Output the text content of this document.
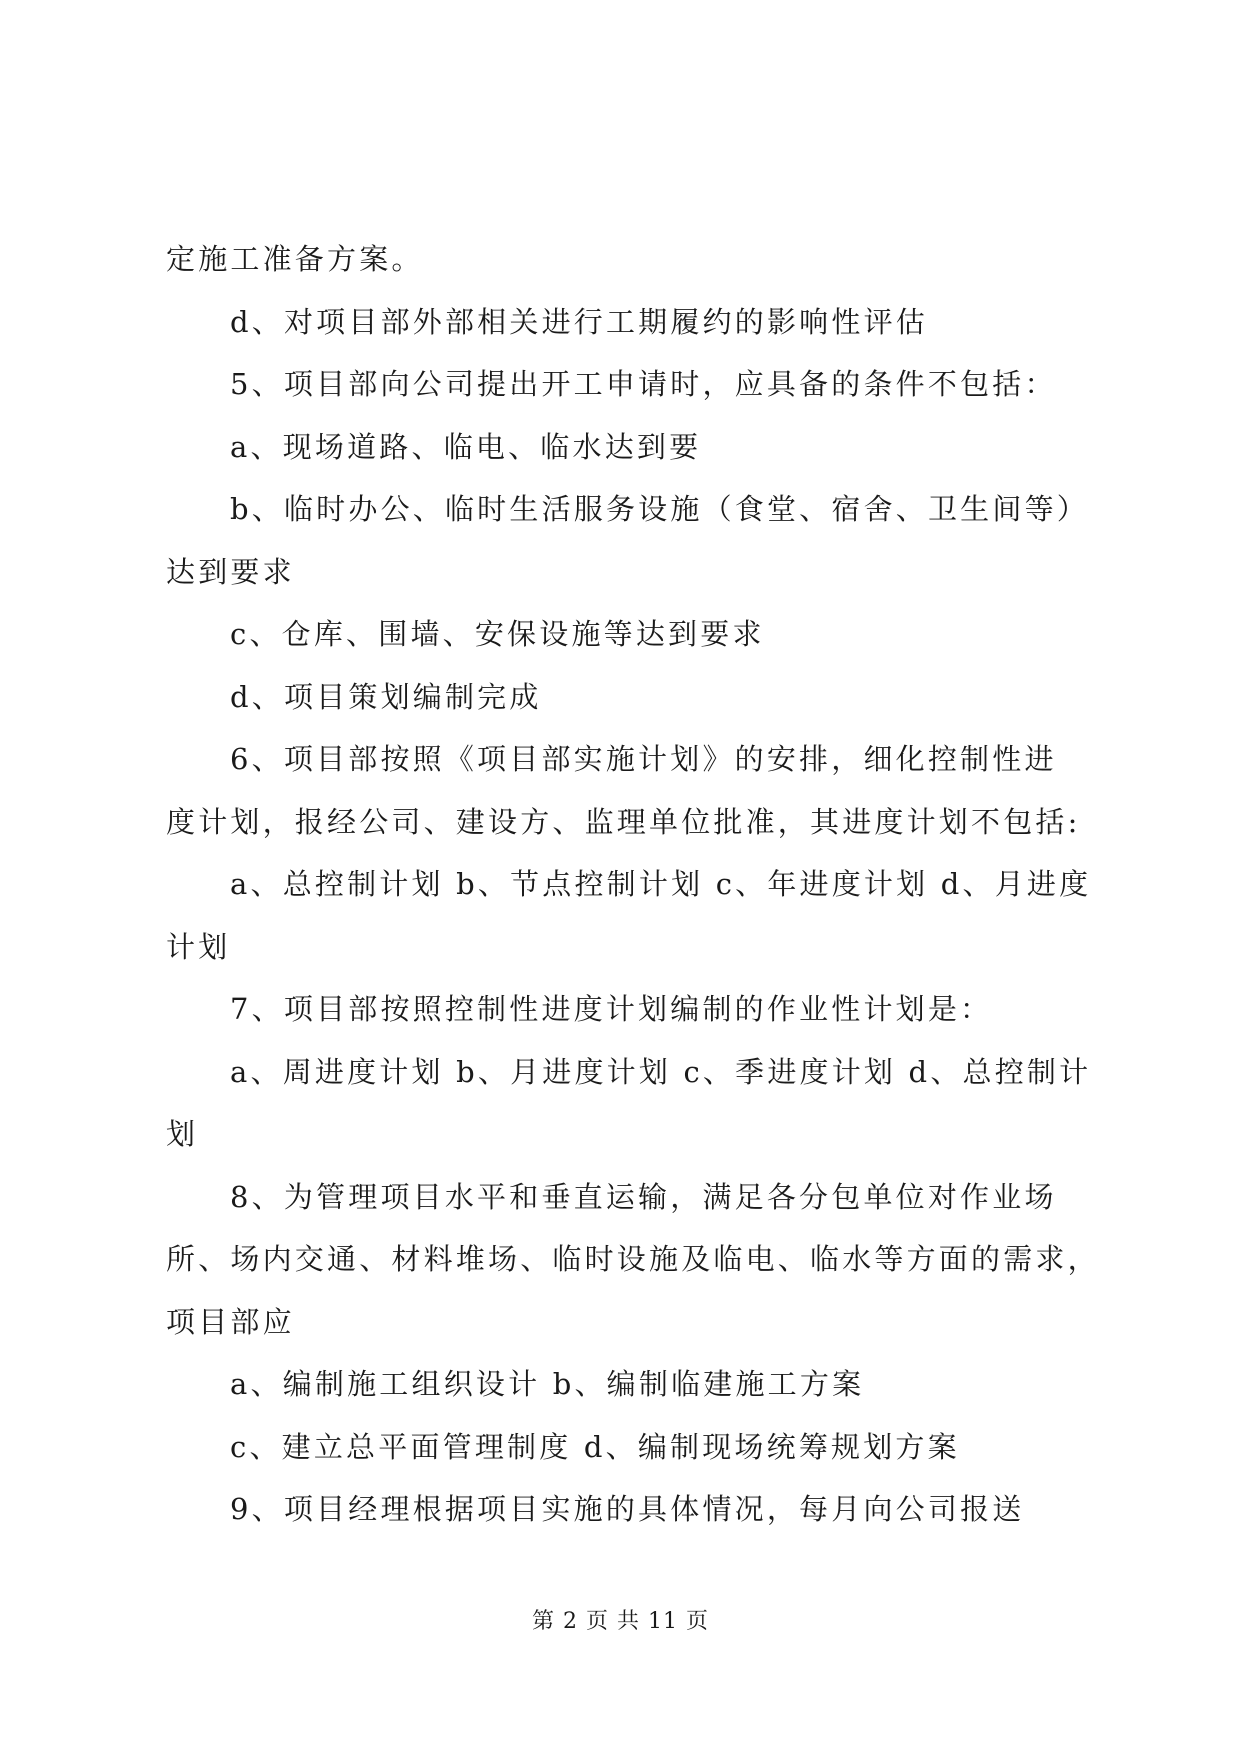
定施工准备方案。
d、对项目部外部相关进行工期履约的影响性评估
5、项目部向公司提出开工申请时，应具备的条件不包括：
a、现场道路、临电、临水达到要
b、临时办公、临时生活服务设施（食堂、宿舍、卫生间等）
达到要求
c、仓库、围墙、安保设施等达到要求
d、项目策划编制完成
6、项目部按照《项目部实施计划》的安排，细化控制性进
度计划，报经公司、建设方、监理单位批准，其进度计划不包括:
a、总控制计划 b、节点控制计划 c、年进度计划 d、月进度
计划
7、项目部按照控制性进度计划编制的作业性计划是：
a、周进度计划 b、月进度计划 c、季进度计划 d、总控制计
划
8、为管理项目水平和垂直运输，满足各分包单位对作业场
所、场内交通、材料堆场、临时设施及临电、临水等方面的需求，
项目部应
a、编制施工组织设计 b、编制临建施工方案
c、建立总平面管理制度 d、编制现场统筹规划方案
9、项目经理根据项目实施的具体情况，每月向公司报送
第 2 页 共 11 页
